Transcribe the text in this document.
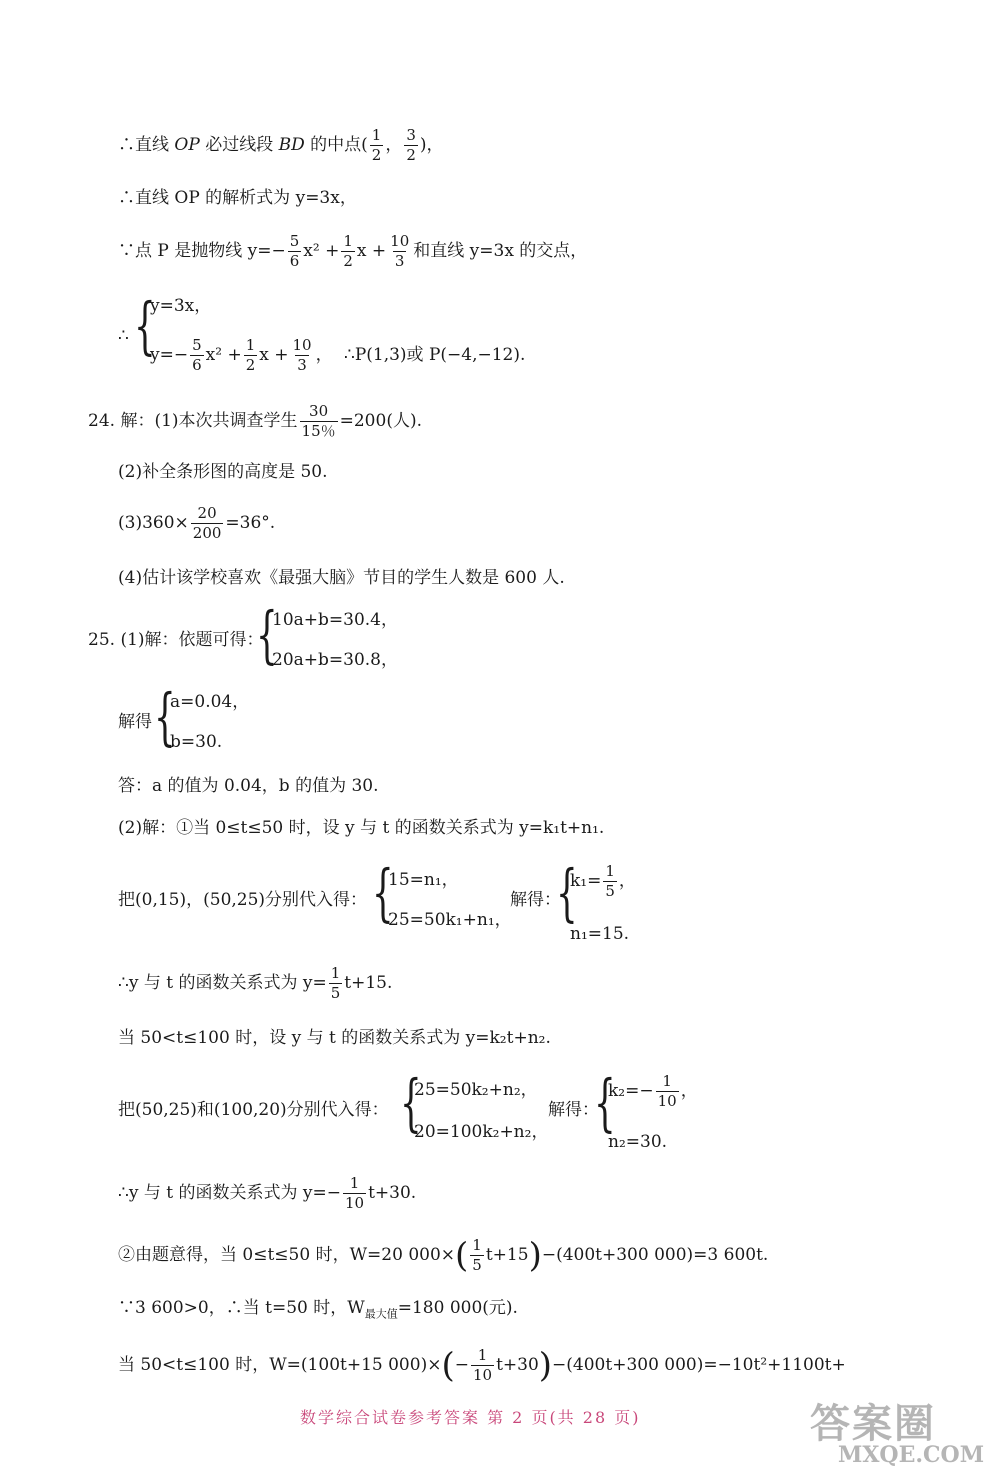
∴直线 OP 必过线段 BD 的中点( $\frac{1}{2}$ ， $\frac{3}{2}$ )，
∴直线 OP 的解析式为 y=3x，
∵点 P 是抛物线 $y=- \frac{5}{6} x^2 + \frac{1}{2}$ $x + \frac{10}{3}$ 和直线 y=3x 的交点，
∴ {
y=3x，
$y=- \frac{5}{6} x^2 + \frac{1}{2}$ $x + \frac{10}{3}$ ， ∴P(1,3)或 P(−4,−12).
24. 解：(1)本次共调查学生 $\frac{30}{15\%} =200$(人).
(2)补全条形图的高度是 50.
$(3)360\times \frac{20}{200} =36^\circ$.
(4)估计该学校喜欢《最强大脑》节目的学生人数是 600 人.
25. (1)解：依题可得：
{
10a+b=30.4，
20a+b=30.8，
解得 {
a=0.04，
b=30.
答：a 的值为 0.04，b 的值为 30.
(2)解：①当 0≤t≤50 时，设 y 与 t 的函数关系式为 y=k₁t+n₁.
把(0,15)，(50,25)分别代入得： {
15=n₁，
25=50k₁+n₁，
解得：
{
$k_1= \frac{1}{5}$ ，
n₁=15.
∴y 与 t 的函数关系式为 $y= \frac{1}{5} t+15$.
当 50<t≤100 时，设 y 与 t 的函数关系式为 y=k₂t+n₂.
把(50,25)和(100,20)分别代入得： {
25=50k₂+n₂，
20=100k₂+n₂，
解得：
{
$k_2=- \frac{1}{10}$ ，
n₂=30.
∴y 与 t 的函数关系式为 $y=- \frac{1}{10} t+30$.
②由题意得，当 0≤t≤50 时，W=20 $000\times( \frac{1}{5} t+15)-(400t+300$ 000)=3 600t.
∵3 600>0，∴当 t=50 时，$W_{最大值}=180$ 000(元).
当 50<t≤100 时，W=(100t+15 $000)\times(- \frac{1}{10} t+30)-(400t+300$ 000)=−10t²+1100t+
数学综合试卷参考答案 第 2 页(共 28 页)	答案圈
MXQE.COM
